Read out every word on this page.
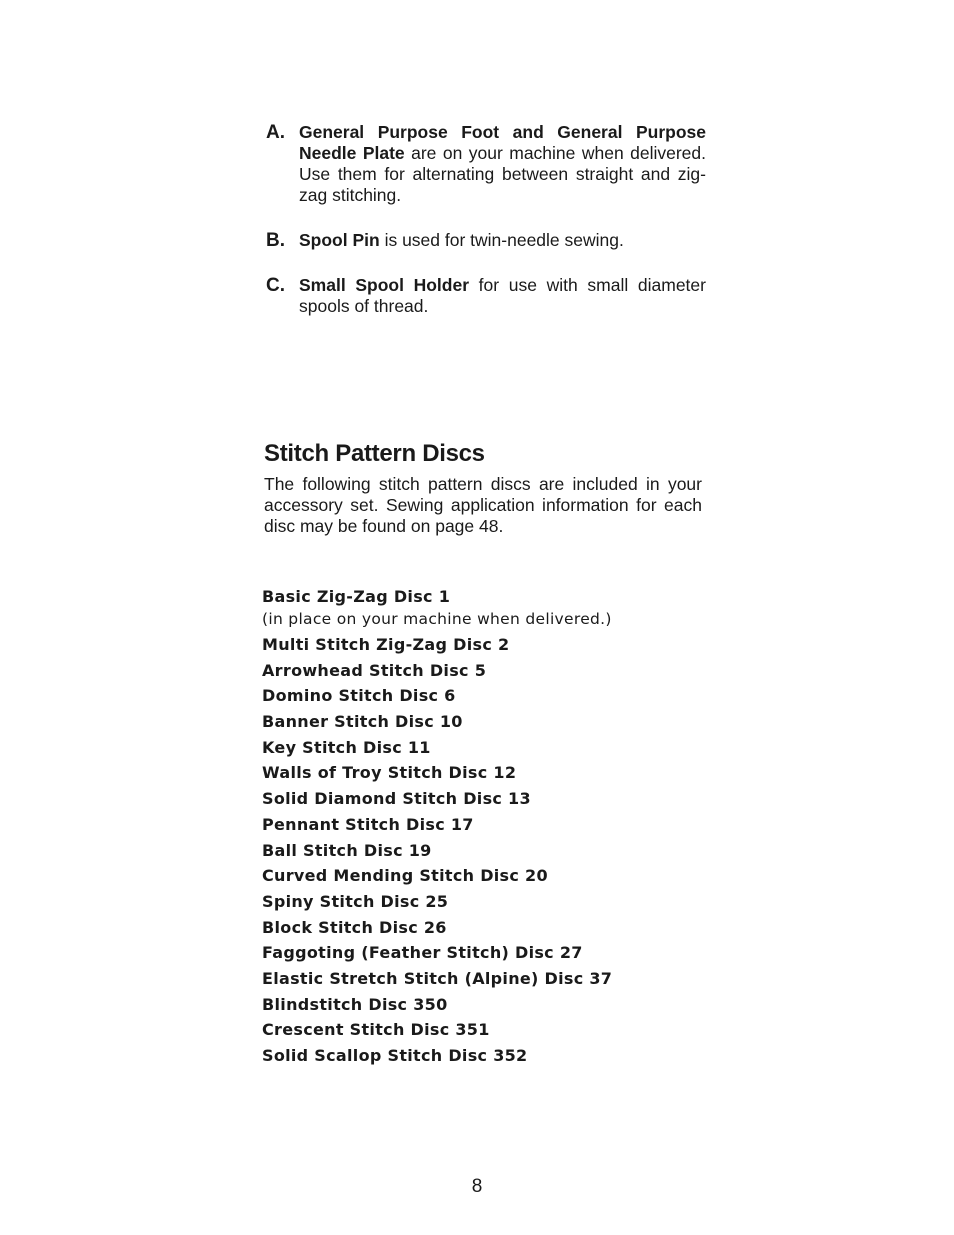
A. General Purpose Foot and General Purpose Needle Plate are on your machine when delivered. Use them for alternating between straight and zig-zag stitching.
B. Spool Pin is used for twin-needle sewing.
C. Small Spool Holder for use with small diameter spools of thread.
Stitch Pattern Discs

The following stitch pattern discs are included in your accessory set. Sewing application information for each disc may be found on page 48.

Basic Zig-Zag Disc 1
(in place on your machine when delivered.)
Multi Stitch Zig-Zag Disc 2
Arrowhead Stitch Disc 5
Domino Stitch Disc 6
Banner Stitch Disc 10
Key Stitch Disc 11
Walls of Troy Stitch Disc 12
Solid Diamond Stitch Disc 13
Pennant Stitch Disc 17
Ball Stitch Disc 19
Curved Mending Stitch Disc 20
Spiny Stitch Disc 25
Block Stitch Disc 26
Faggoting (Feather Stitch) Disc 27
Elastic Stretch Stitch (Alpine) Disc 37
Blindstitch Disc 350
Crescent Stitch Disc 351
Solid Scallop Stitch Disc 352
8
